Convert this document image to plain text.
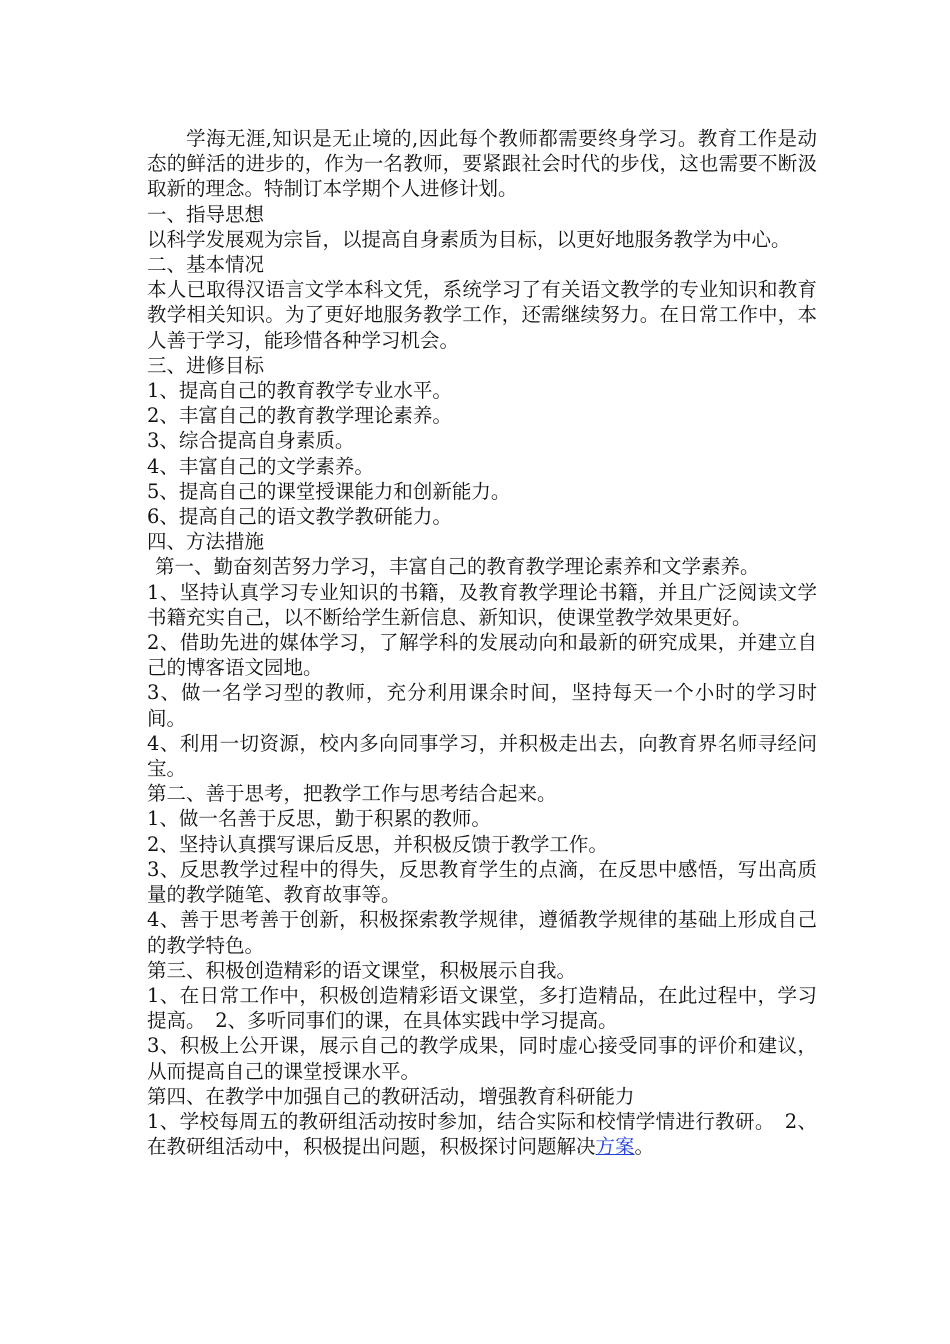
学海无涯,知识是无止境的,因此每个教师都需要终身学习。教育工作是动态的鲜活的进步的，作为一名教师，要紧跟社会时代的步伐，这也需要不断汲取新的理念。特制订本学期个人进修计划。

一、指导思想

以科学发展观为宗旨，以提高自身素质为目标，以更好地服务教学为中心。

二、基本情况

本人已取得汉语言文学本科文凭，系统学习了有关语文教学的专业知识和教育教学相关知识。为了更好地服务教学工作，还需继续努力。在日常工作中，本人善于学习，能珍惜各种学习机会。

三、进修目标

1、提高自己的教育教学专业水平。

2、丰富自己的教育教学理论素养。

3、综合提高自身素质。

4、丰富自己的文学素养。

5、提高自己的课堂授课能力和创新能力。

6、提高自己的语文教学教研能力。

四、方法措施

第一、勤奋刻苦努力学习，丰富自己的教育教学理论素养和文学素养。

1、坚持认真学习专业知识的书籍，及教育教学理论书籍，并且广泛阅读文学书籍充实自己，以不断给学生新信息、新知识，使课堂教学效果更好。

2、借助先进的媒体学习，了解学科的发展动向和最新的研究成果，并建立自己的博客语文园地。

3、做一名学习型的教师，充分利用课余时间，坚持每天一个小时的学习时间。

4、利用一切资源，校内多向同事学习，并积极走出去，向教育界名师寻经问宝。

第二、善于思考，把教学工作与思考结合起来。

1、做一名善于反思，勤于积累的教师。

2、坚持认真撰写课后反思，并积极反馈于教学工作。

3、反思教学过程中的得失，反思教育学生的点滴，在反思中感悟，写出高质量的教学随笔、教育故事等。

4、善于思考善于创新，积极探索教学规律，遵循教学规律的基础上形成自己的教学特色。

第三、积极创造精彩的语文课堂，积极展示自我。

1、在日常工作中，积极创造精彩语文课堂，多打造精品，在此过程中，学习提高。　2、多听同事们的课，在具体实践中学习提高。

3、积极上公开课，展示自己的教学成果，同时虚心接受同事的评价和建议，从而提高自己的课堂授课水平。

第四、在教学中加强自己的教研活动，增强教育科研能力

1、学校每周五的教研组活动按时参加，结合实际和校情学情进行教研。　2、在教研组活动中，积极提出问题，积极探讨问题解决方案。
